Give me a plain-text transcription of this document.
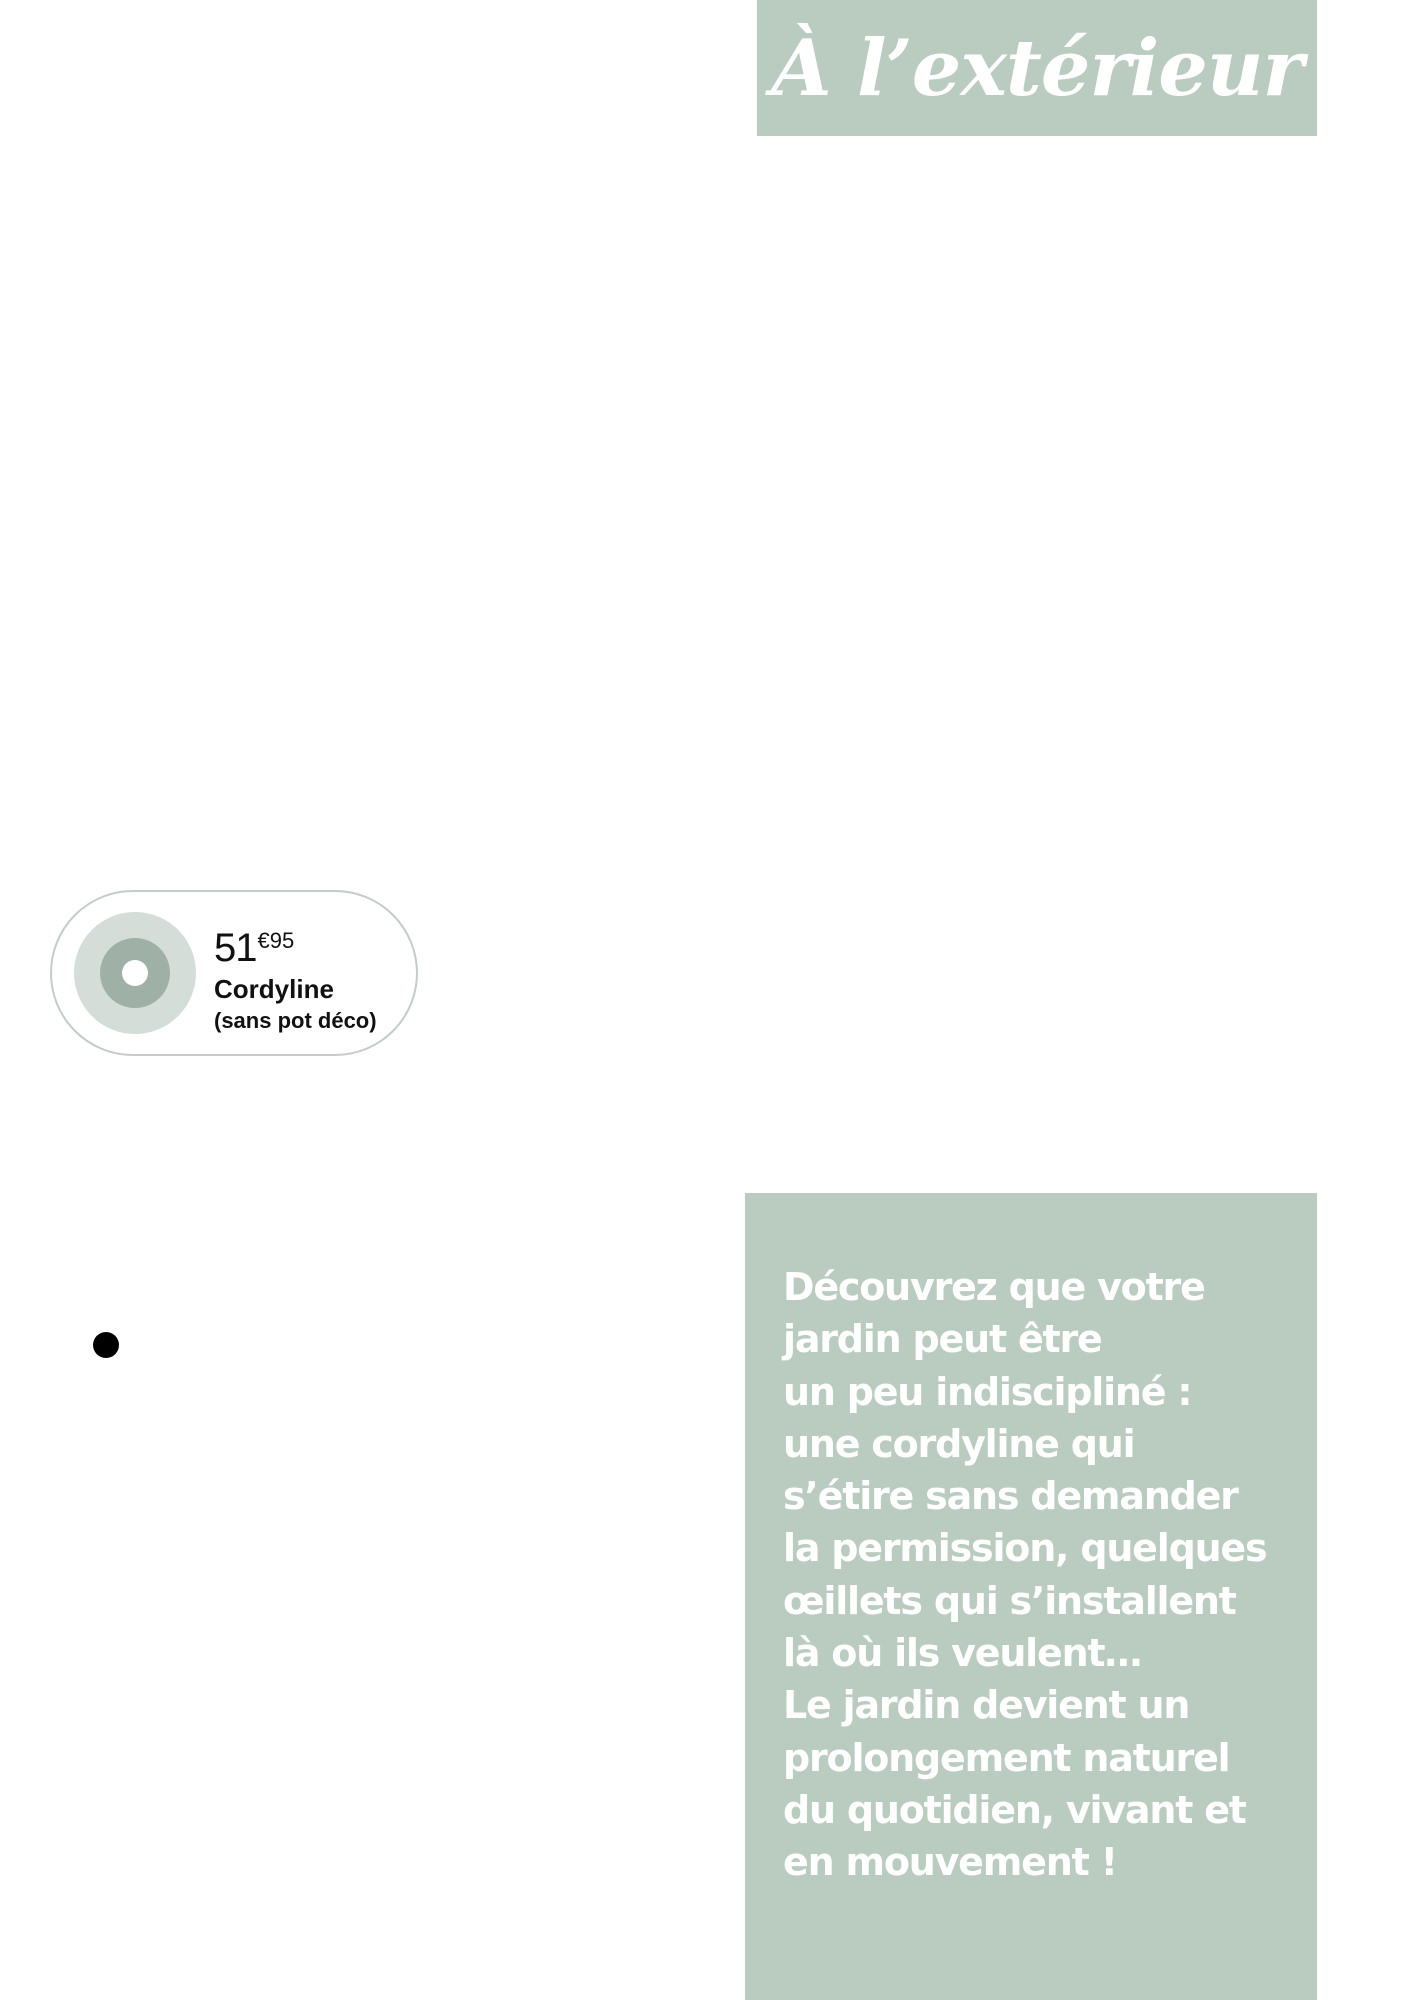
À l’extérieur
51 €95
Cordyline
(sans pot déco)
Découvrez que votre
jardin peut être
un peu indiscipliné :
une cordyline qui
s’étire sans demander
la permission, quelques
œillets qui s’installent
là où ils veulent…
Le jardin devient un
prolongement naturel
du quotidien, vivant et
en mouvement !
